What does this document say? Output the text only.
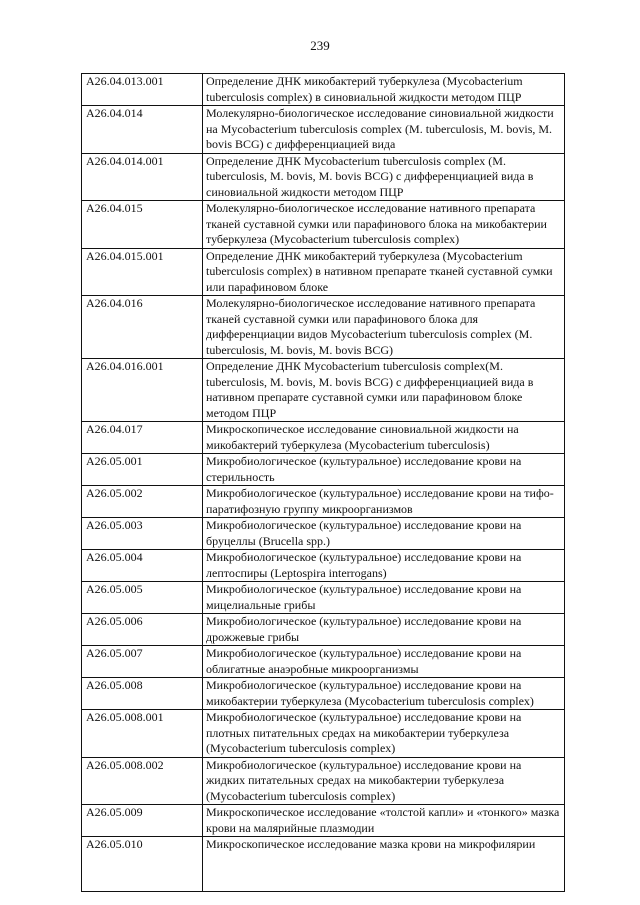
239
A26.04.013.001	Определение ДНК микобактерий туберкулеза (Mycobacterium tuberculosis complex) в синовиальной жидкости методом ПЦР
A26.04.014	Молекулярно-биологическое исследование синовиальной жидкости на Mycobacterium tuberculosis complex (M. tuberculosis, M. bovis, M. bovis BCG) с дифференциацией вида
A26.04.014.001	Определение ДНК Mycobacterium tuberculosis complex (M. tuberculosis, M. bovis, M. bovis BCG) с дифференциацией вида в синовиальной жидкости методом ПЦР
A26.04.015	Молекулярно-биологическое исследование нативного препарата тканей суставной сумки или парафинового блока на микобактерии туберкулеза (Mycobacterium tuberculosis complex)
A26.04.015.001	Определение ДНК микобактерий туберкулеза (Mycobacterium tuberculosis complex) в нативном препарате тканей суставной сумки или парафиновом блоке
A26.04.016	Молекулярно-биологическое исследование нативного препарата тканей суставной сумки или парафинового блока для дифференциации видов Mycobacterium tuberculosis complex (M. tuberculosis, M. bovis, M. bovis BCG)
A26.04.016.001	Определение ДНК Mycobacterium tuberculosis complex(M. tuberculosis, M. bovis, M. bovis BCG) с дифференциацией вида в нативном препарате суставной сумки или парафиновом блоке методом ПЦР
A26.04.017	Микроскопическое исследование синовиальной жидкости на микобактерий туберкулеза (Mycobacterium tuberculosis)
A26.05.001	Микробиологическое (культуральное) исследование крови на стерильность
A26.05.002	Микробиологическое (культуральное) исследование крови на тифо-паратифозную группу микроорганизмов
A26.05.003	Микробиологическое (культуральное) исследование крови на бруцеллы (Brucella spp.)
A26.05.004	Микробиологическое (культуральное) исследование крови на лептоспиры (Leptospira interrogans)
A26.05.005	Микробиологическое (культуральное) исследование крови на мицелиальные грибы
A26.05.006	Микробиологическое (культуральное) исследование крови на дрожжевые грибы
A26.05.007	Микробиологическое (культуральное) исследование крови на облигатные анаэробные микроорганизмы
A26.05.008	Микробиологическое (культуральное) исследование крови на микобактерии туберкулеза (Mycobacterium tuberculosis complex)
A26.05.008.001	Микробиологическое (культуральное) исследование крови на плотных питательных средах на микобактерии туберкулеза (Mycobacterium tuberculosis complex)
A26.05.008.002	Микробиологическое (культуральное) исследование крови на жидких питательных средах на микобактерии туберкулеза (Mycobacterium tuberculosis complex)
A26.05.009	Микроскопическое исследование «толстой капли» и «тонкого» мазка крови на малярийные плазмодии
A26.05.010	Микроскопическое исследование мазка крови на микрофилярии
